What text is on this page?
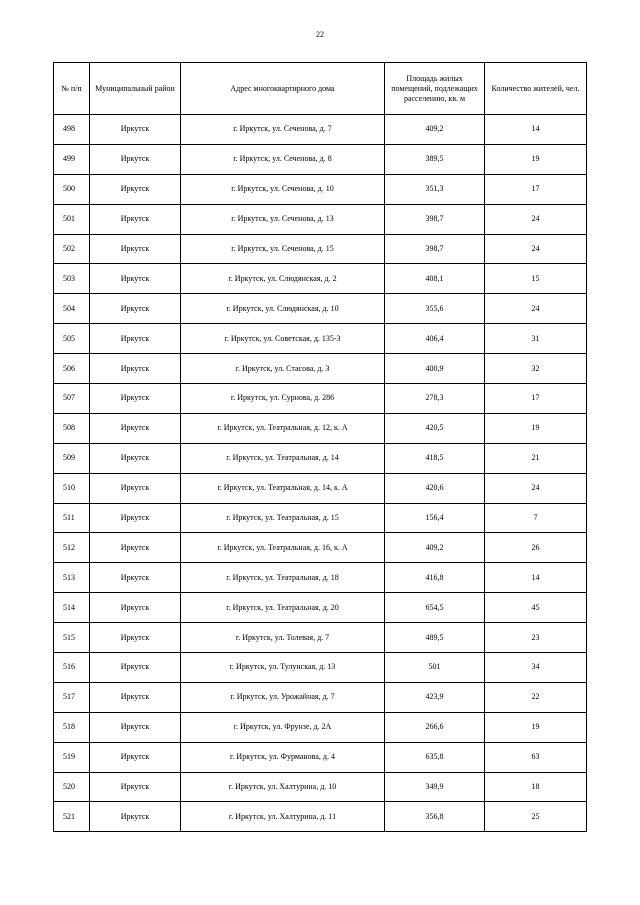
22
№ п/п	Муниципальный район	Адрес многоквартирного дома	Площадь жилых помещений, подлежащих расселению, кв. м	Количество жителей, чел.
498	Иркутск	г. Иркутск, ул. Сеченова, д. 7	409,2	14
499	Иркутск	г. Иркутск, ул. Сеченова, д. 8	389,5	19
500	Иркутск	г. Иркутск, ул. Сеченова, д. 10	351,3	17
501	Иркутск	г. Иркутск, ул. Сеченова, д. 13	398,7	24
502	Иркутск	г. Иркутск, ул. Сеченова, д. 15	398,7	24
503	Иркутск	г. Иркутск, ул. Слюдянская, д. 2	408,1	15
504	Иркутск	г. Иркутск, ул. Слюдянская, д. 10	355,6	24
505	Иркутск	г. Иркутск, ул. Советская, д. 135-3	406,4	31
506	Иркутск	г. Иркутск, ул. Стасова, д. 3	400,9	32
507	Иркутск	г. Иркутск, ул. Сурнова, д. 286	278,3	17
508	Иркутск	г. Иркутск, ул. Театральная, д. 12, к. А	420,5	19
509	Иркутск	г. Иркутск, ул. Театральная, д. 14	418,5	21
510	Иркутск	г. Иркутск, ул. Театральная, д. 14, к. А	420,6	24
511	Иркутск	г. Иркутск, ул. Театральная, д. 15	156,4	7
512	Иркутск	г. Иркутск, ул. Театральная, д. 16, к. А	409,2	26
513	Иркутск	г. Иркутск, ул. Театральная, д. 18	416,8	14
514	Иркутск	г. Иркутск, ул. Театральная, д. 20	654,5	45
515	Иркутск	г. Иркутск, ул. Толевая, д. 7	489,5	23
516	Иркутск	г. Иркутск, ул. Тулунская, д. 13	501	34
517	Иркутск	г. Иркутск, ул. Урожайная, д. 7	423,9	22
518	Иркутск	г. Иркутск, ул. Фрунзе, д. 2А	266,6	19
519	Иркутск	г. Иркутск, ул. Фурманова, д. 4	635,8	63
520	Иркутск	г. Иркутск, ул. Халтурина, д. 10	349,9	18
521	Иркутск	г. Иркутск, ул. Халтурина, д. 11	356,8	25
